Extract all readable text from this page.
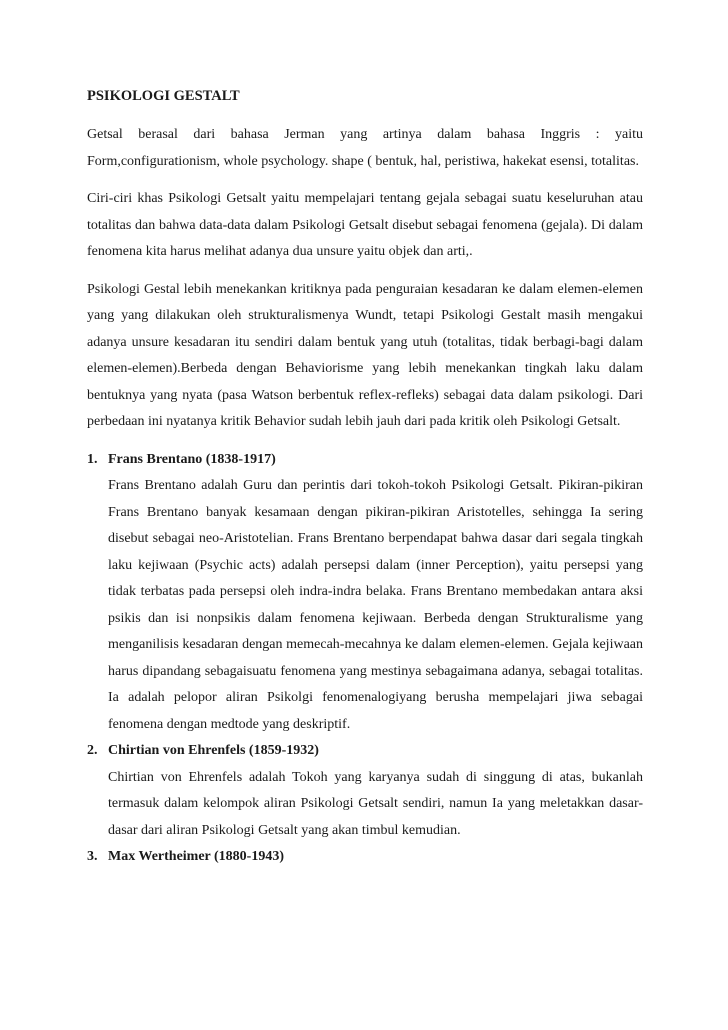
PSIKOLOGI GESTALT

Getsal berasal dari bahasa Jerman yang artinya dalam bahasa Inggris : yaitu Form,configurationism, whole psychology. shape ( bentuk, hal, peristiwa, hakekat esensi, totalitas.

Ciri-ciri khas Psikologi Getsalt yaitu mempelajari tentang gejala sebagai suatu keseluruhan atau totalitas dan bahwa data-data dalam Psikologi Getsalt disebut sebagai fenomena (gejala). Di dalam fenomena kita harus melihat adanya dua unsure yaitu objek dan arti,.

Psikologi Gestal lebih menekankan kritiknya pada penguraian kesadaran ke dalam elemen-elemen yang yang dilakukan oleh strukturalismenya Wundt, tetapi Psikologi Gestalt masih mengakui adanya unsure kesadaran itu sendiri dalam bentuk yang utuh (totalitas, tidak berbagi-bagi dalam elemen-elemen).Berbeda dengan Behaviorisme yang lebih menekankan tingkah laku dalam bentuknya yang nyata (pasa Watson berbentuk reflex-refleks) sebagai data dalam psikologi. Dari perbedaan ini nyatanya kritik Behavior sudah lebih jauh dari pada kritik oleh Psikologi Getsalt.

1. Frans Brentano (1838-1917)
Frans Brentano adalah Guru dan perintis dari tokoh-tokoh Psikologi Getsalt. Pikiran-pikiran Frans Brentano banyak kesamaan dengan pikiran-pikiran Aristotelles, sehingga Ia sering disebut sebagai neo-Aristotelian. Frans Brentano berpendapat bahwa dasar dari segala tingkah laku kejiwaan (Psychic acts) adalah persepsi dalam (inner Perception), yaitu persepsi yang tidak terbatas pada persepsi oleh indra-indra belaka. Frans Brentano membedakan antara aksi psikis dan isi nonpsikis dalam fenomena kejiwaan. Berbeda dengan Strukturalisme yang menganilisis kesadaran dengan memecah-mecahnya ke dalam elemen-elemen. Gejala kejiwaan harus dipandang sebagaisuatu fenomena yang mestinya sebagaimana adanya, sebagai totalitas. Ia adalah pelopor aliran Psikolgi fenomenalogiyang berusha mempelajari jiwa sebagai fenomena dengan medtode yang deskriptif.
2. Chirtian von Ehrenfels (1859-1932)
Chirtian von Ehrenfels adalah Tokoh yang karyanya sudah di singgung di atas, bukanlah termasuk dalam kelompok aliran Psikologi Getsalt sendiri, namun Ia yang meletakkan dasar-dasar dari aliran Psikologi Getsalt yang akan timbul kemudian.
3. Max Wertheimer (1880-1943)
